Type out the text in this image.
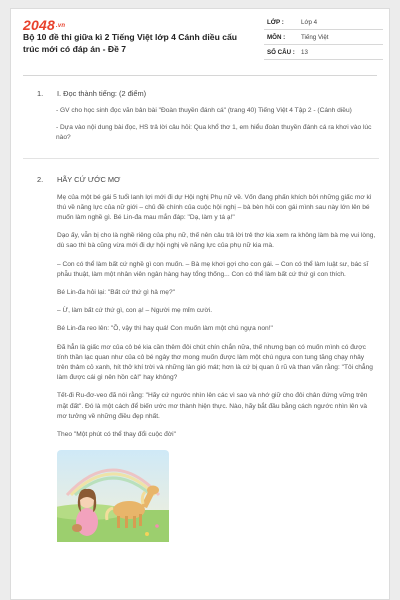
$2048^{.vn}$
Bộ 10 đề thi giữa kì 2 Tiếng Việt lớp 4 Cánh diều cấu trúc mới có đáp án - Đề 7
LỚP :	Lớp 4
MÔN :	Tiếng Việt
SỐ CÂU : 13
1.	I. Đọc thành tiếng: (2 điểm)
- GV cho học sinh đọc văn bản bài "Đoàn thuyền đánh cá" (trang 40) Tiếng Việt 4 Tập 2 - (Cánh diều)
- Dựa vào nội dung bài đọc, HS trả lời câu hỏi: Qua khổ thơ 1, em hiểu đoàn thuyền đánh cá ra khơi vào lúc nào?
2.	HÃY CỨ ƯỚC MƠ

Mẹ của một bé gái 5 tuổi lanh lợi mới đi dự Hội nghị Phụ nữ về. Vốn đang phấn khích bởi những giấc mơ kì thú về năng lực của nữ giới – chủ đề chính của cuộc hội nghị – bà bèn hỏi con gái mình sau này lớn lên bé muốn làm nghề gì. Bé Lin-đa mau mắn đáp: "Dạ, làm y tá ạ!"

Dạo ấy, vẫn bị cho là nghề riêng của phụ nữ, thế nên câu trả lời trẻ thơ kia xem ra không làm bà mẹ vui lòng, dù sao thì bà cũng vừa mới đi dự hội nghị về năng lực của phụ nữ kia mà.

– Con có thể làm bất cứ nghề gì con muốn. – Bà mẹ khơi gợi cho con gái. – Con có thể làm luật sư, bác sĩ phẫu thuật, làm một nhân viên ngân hàng hay tổng thống... Con có thể làm bất cứ thứ gì con thích.

Bé Lin-đa hỏi lại: "Bất cứ thứ gì hả mẹ?"

– Ừ, làm bất cứ thứ gì, con ạ! – Người mẹ mỉm cười.

Bé Lin-đa reo lên: "Ồ, vậy thì hay quá! Con muốn làm một chú ngựa non!"

Đã hẳn là giấc mơ của cô bé kia cần thêm đôi chút chín chắn nữa, thế nhưng bạn có muốn mình có được tính thần lạc quan như của cô bé ngây thơ mong muốn được làm một chú ngựa con tung tăng chạy nhảy trên thảm cỏ xanh, hít thở khí trời và những làn gió mát; hơn là cứ bị quan ủ rũ và than vãn rằng: "Tôi chẳng làm được cái gì nên hồn cả!" hay không?

Tết-đi Ru-đơ-veo đã nói rằng: "Hãy cứ ngước nhìn lên các vì sao và nhớ giữ cho đôi chân đứng vững trên mặt đất". Đó là một cách để biến ước mơ thành hiện thực. Nào, hãy bắt đầu bằng cách ngước nhìn lên và mơ tưởng về những điều đẹp nhất.

Theo "Một phút có thể thay đổi cuộc đời"
